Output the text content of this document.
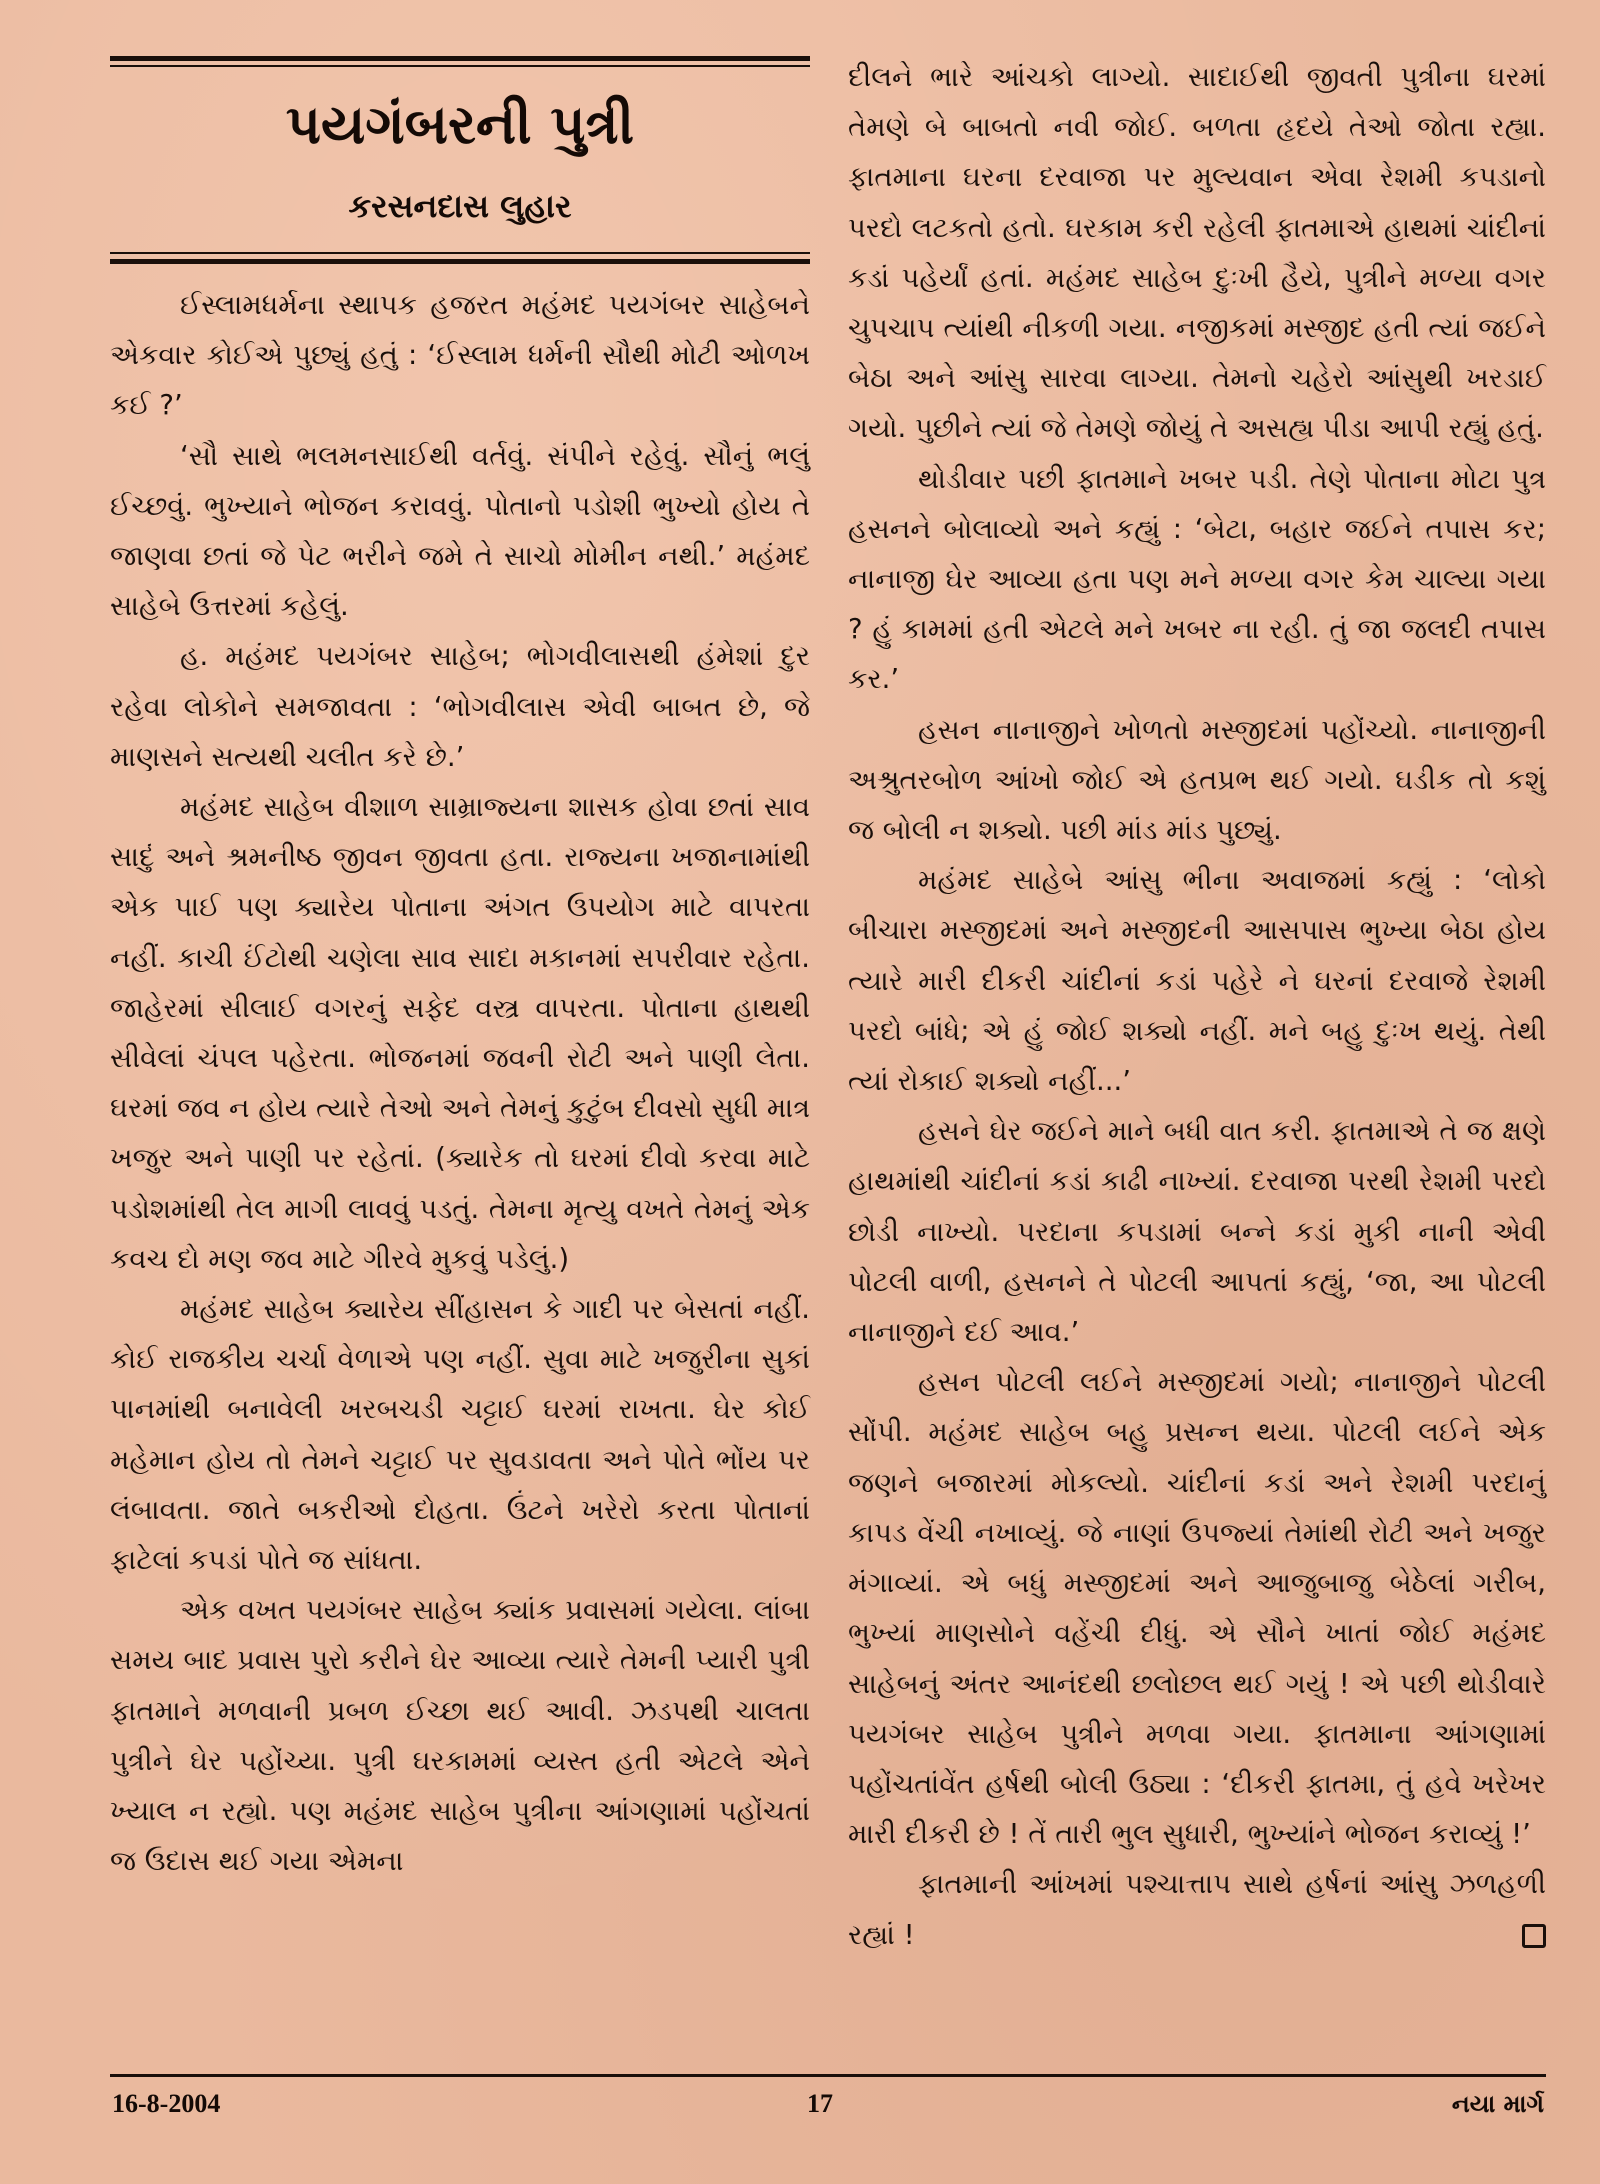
પયગંબરની પુત્રી
કરસનદાસ લુહાર

ઈસ્લામધર્મના સ્થાપક હજરત મહંમદ પયગંબર સાહેબને એકવાર કોઈએ પુછ્યું હતું : ‘ઈસ્લામ ધર્મની સૌથી મોટી ઓળખ કઈ ?’

‘સૌ સાથે ભલમનસાઈથી વર્તવું. સંપીને રહેવું. સૌનું ભલું ઈચ્છવું. ભુખ્યાને ભોજન કરાવવું. પોતાનો પડોશી ભુખ્યો હોય તે જાણવા છતાં જે પેટ ભરીને જમે તે સાચો મોમીન નથી.’ મહંમદ સાહેબે ઉત્તરમાં કહેલું.

હ. મહંમદ પયગંબર સાહેબ; ભોગવીલાસથી હંમેશાં દુર રહેવા લોકોને સમજાવતા : ‘ભોગવીલાસ એવી બાબત છે, જે માણસને સત્યથી ચલીત કરે છે.’

મહંમદ સાહેબ વીશાળ સામ્રાજ્યના શાસક હોવા છતાં સાવ સાદું અને શ્રમનીષ્ઠ જીવન જીવતા હતા. રાજ્યના ખજાનામાંથી એક પાઈ પણ ક્યારેય પોતાના અંગત ઉપયોગ માટે વાપરતા નહીં. કાચી ઈંટોથી ચણેલા સાવ સાદા મકાનમાં સપરીવાર રહેતા. જાહેરમાં સીલાઈ વગરનું સફેદ વસ્ત્ર વાપરતા. પોતાના હાથથી સીવેલાં ચંપલ પહેરતા. ભોજનમાં જવની રોટી અને પાણી લેતા. ઘરમાં જવ ન હોય ત્યારે તેઓ અને તેમનું કુટુંબ દીવસો સુધી માત્ર ખજુર અને પાણી પર રહેતાં. (ક્યારેક તો ઘરમાં દીવો કરવા માટે પડોશમાંથી તેલ માગી લાવવું પડતું. તેમના મૃત્યુ વખતે તેમનું એક કવચ દો મણ જવ માટે ગીરવે મુકવું પડેલું.)

મહંમદ સાહેબ ક્યારેય સીંહાસન કે ગાદી પર બેસતાં નહીં. કોઈ રાજકીય ચર્ચા વેળાએ પણ નહીં. સુવા માટે ખજુરીના સુકાં પાનમાંથી બનાવેલી ખરબચડી ચટ્ટાઈ ઘરમાં રાખતા. ઘેર કોઈ મહેમાન હોય તો તેમને ચટ્ટાઈ પર સુવડાવતા અને પોતે ભોંય પર લંબાવતા. જાતે બકરીઓ દોહતા. ઉંટને ખરેરો કરતા પોતાનાં ફાટેલાં કપડાં પોતે જ સાંધતા.

એક વખત પયગંબર સાહેબ ક્યાંક પ્રવાસમાં ગયેલા. લાંબા સમય બાદ પ્રવાસ પુરો કરીને ઘેર આવ્યા ત્યારે તેમની પ્યારી પુત્રી ફાતમાને મળવાની પ્રબળ ઈચ્છા થઈ આવી. ઝડપથી ચાલતા પુત્રીને ઘેર પહોંચ્યા. પુત્રી ઘરકામમાં વ્યસ્ત હતી એટલે એને ખ્યાલ ન રહ્યો. પણ મહંમદ સાહેબ પુત્રીના આંગણામાં પહોંચતાં જ ઉદાસ થઈ ગયા એમના

દીલને ભારે આંચકો લાગ્યો. સાદાઈથી જીવતી પુત્રીના ઘરમાં તેમણે બે બાબતો નવી જોઈ. બળતા હૃદયે તેઓ જોતા રહ્યા. ફાતમાના ઘરના દરવાજા પર મુલ્યવાન એવા રેશમી કપડાનો પરદો લટકતો હતો. ઘરકામ કરી રહેલી ફાતમાએ હાથમાં ચાંદીનાં કડાં પહેર્યાં હતાં. મહંમદ સાહેબ દુઃખી હૈયે, પુત્રીને મળ્યા વગર ચુપચાપ ત્યાંથી નીકળી ગયા. નજીકમાં મસ્જીદ હતી ત્યાં જઈને બેઠા અને આંસુ સારવા લાગ્યા. તેમનો ચહેરો આંસુથી ખરડાઈ ગયો. પુછીને ત્યાં જે તેમણે જોયું તે અસહ્ય પીડા આપી રહ્યું હતું.

થોડીવાર પછી ફાતમાને ખબર પડી. તેણે પોતાના મોટા પુત્ર હસનને બોલાવ્યો અને કહ્યું : ‘બેટા, બહાર જઈને તપાસ કર; નાનાજી ઘેર આવ્યા હતા પણ મને મળ્યા વગર કેમ ચાલ્યા ગયા ? હું કામમાં હતી એટલે મને ખબર ના રહી. તું જા જલદી તપાસ કર.’

હસન નાનાજીને ખોળતો મસ્જીદમાં પહોંચ્યો. નાનાજીની અશ્રુતરબોળ આંખો જોઈ એ હતપ્રભ થઈ ગયો. ઘડીક તો કશું જ બોલી ન શક્યો. પછી માંડ માંડ પુછ્યું.

મહંમદ સાહેબે આંસુ ભીના અવાજમાં કહ્યું : ‘લોકો બીચારા મસ્જીદમાં અને મસ્જીદની આસપાસ ભુખ્યા બેઠા હોય ત્યારે મારી દીકરી ચાંદીનાં કડાં પહેરે ને ઘરનાં દરવાજે રેશમી પરદો બાંધે; એ હું જોઈ શક્યો નહીં. મને બહુ દુઃખ થયું. તેથી ત્યાં રોકાઈ શક્યો નહીં...’

હસને ઘેર જઈને માને બધી વાત કરી. ફાતમાએ તે જ ક્ષણે હાથમાંથી ચાંદીનાં કડાં કાઢી નાખ્યાં. દરવાજા પરથી રેશમી પરદો છોડી નાખ્યો. પરદાના કપડામાં બન્ને કડાં મુકી નાની એવી પોટલી વાળી, હસનને તે પોટલી આપતાં કહ્યું, ‘જા, આ પોટલી નાનાજીને દઈ આવ.’

હસન પોટલી લઈને મસ્જીદમાં ગયો; નાનાજીને પોટલી સોંપી. મહંમદ સાહેબ બહુ પ્રસન્ન થયા. પોટલી લઈને એક જણને બજારમાં મોકલ્યો. ચાંદીનાં કડાં અને રેશમી પરદાનું કાપડ વેંચી નખાવ્યું. જે નાણાં ઉપજ્યાં તેમાંથી રોટી અને ખજુર મંગાવ્યાં. એ બધું મસ્જીદમાં અને આજુબાજુ બેઠેલાં ગરીબ, ભુખ્યાં માણસોને વહેંચી દીધું. એ સૌને ખાતાં જોઈ મહંમદ સાહેબનું અંતર આનંદથી છલોછલ થઈ ગયું ! એ પછી થોડીવારે પયગંબર સાહેબ પુત્રીને મળવા ગયા. ફાતમાના આંગણામાં પહોંચતાંવેંત હર્ષથી બોલી ઉઠ્યા : ‘દીકરી ફાતમા, તું હવે ખરેખર મારી દીકરી છે ! તેં તારી ભુલ સુધારી, ભુખ્યાંને ભોજન કરાવ્યું !’

ફાતમાની આંખમાં પશ્ચાત્તાપ સાથે હર્ષનાં આંસુ ઝળહળી રહ્યાં !

16-8-2004	17	નયા માર્ગ
